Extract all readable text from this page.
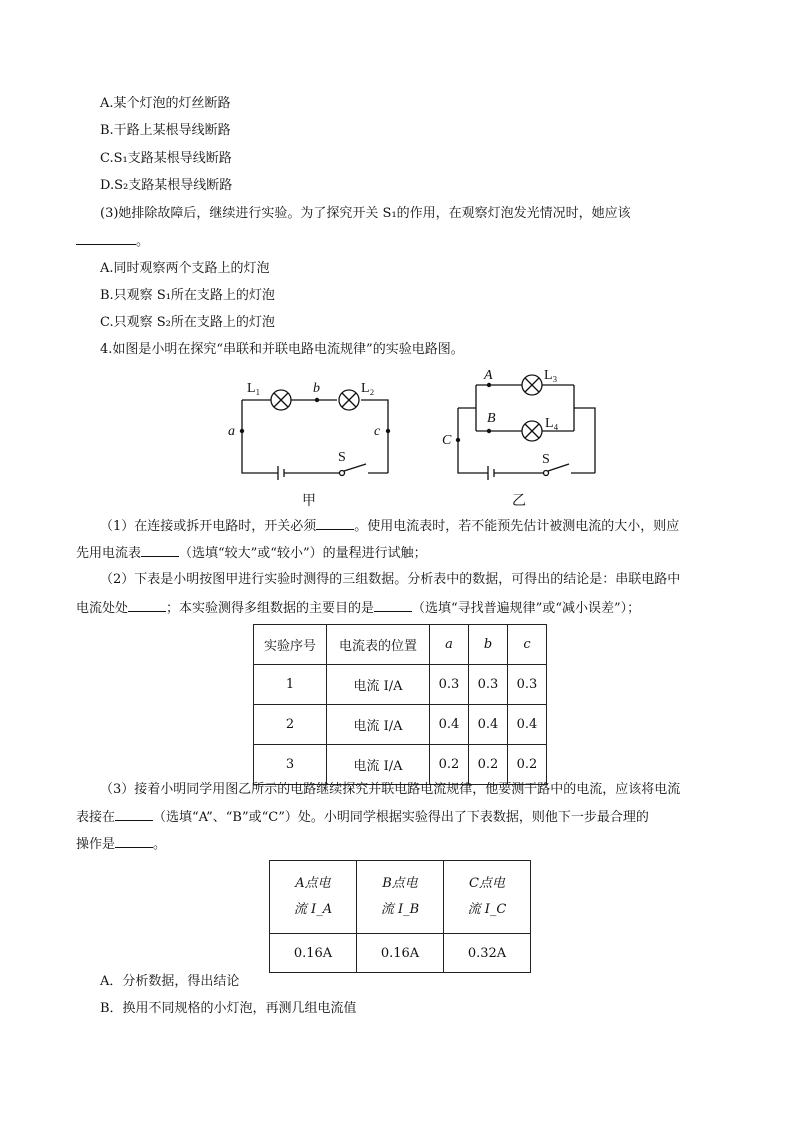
A.某个灯泡的灯丝断路
B.干路上某根导线断路
C.S₁支路某根导线断路
D.S₂支路某根导线断路
(3)她排除故障后，继续进行实验。为了探究开关 S₁的作用，在观察灯泡发光情况时，她应该
。
A.同时观察两个支路上的灯泡
B.只观察 S₁所在支路上的灯泡
C.只观察 S₂所在支路上的灯泡
4.如图是小明在探究“串联和并联电路电流规律”的实验电路图。
L₁	b	L₂
a	c
S
A	L₃
B	L₄
C
S
甲	乙
（1）在连接或拆开电路时，开关必须	。使用电流表时，若不能预先估计被测电流的大小，则应
先用电流表	（选填“较大”或“较小”）的量程进行试触；
（2）下表是小明按图甲进行实验时测得的三组数据。分析表中的数据，可得出的结论是：串联电路中
电流处处	；本实验测得多组数据的主要目的是	（选填“寻找普遍规律”或“减小误差”）；
实验序号	电流表的位置	a	b	c
1	电流 I/A	0.3	0.3	0.3
2	电流 I/A	0.4	0.4	0.4
3	电流 I/A	0.2	0.2	0.2
（3）接着小明同学用图乙所示的电路继续探究并联电路电流规律，他要测干路中的电流，应该将电流
表接在	（选填“A”、“B”或“C”）处。小明同学根据实验得出了下表数据，则他下一步最合理的
操作是	。
A点电
流 I_A	B点电
流 I_B	C点电
流 I_C
0.16A	0.16A	0.32A
A．分析数据，得出结论
B．换用不同规格的小灯泡，再测几组电流值
